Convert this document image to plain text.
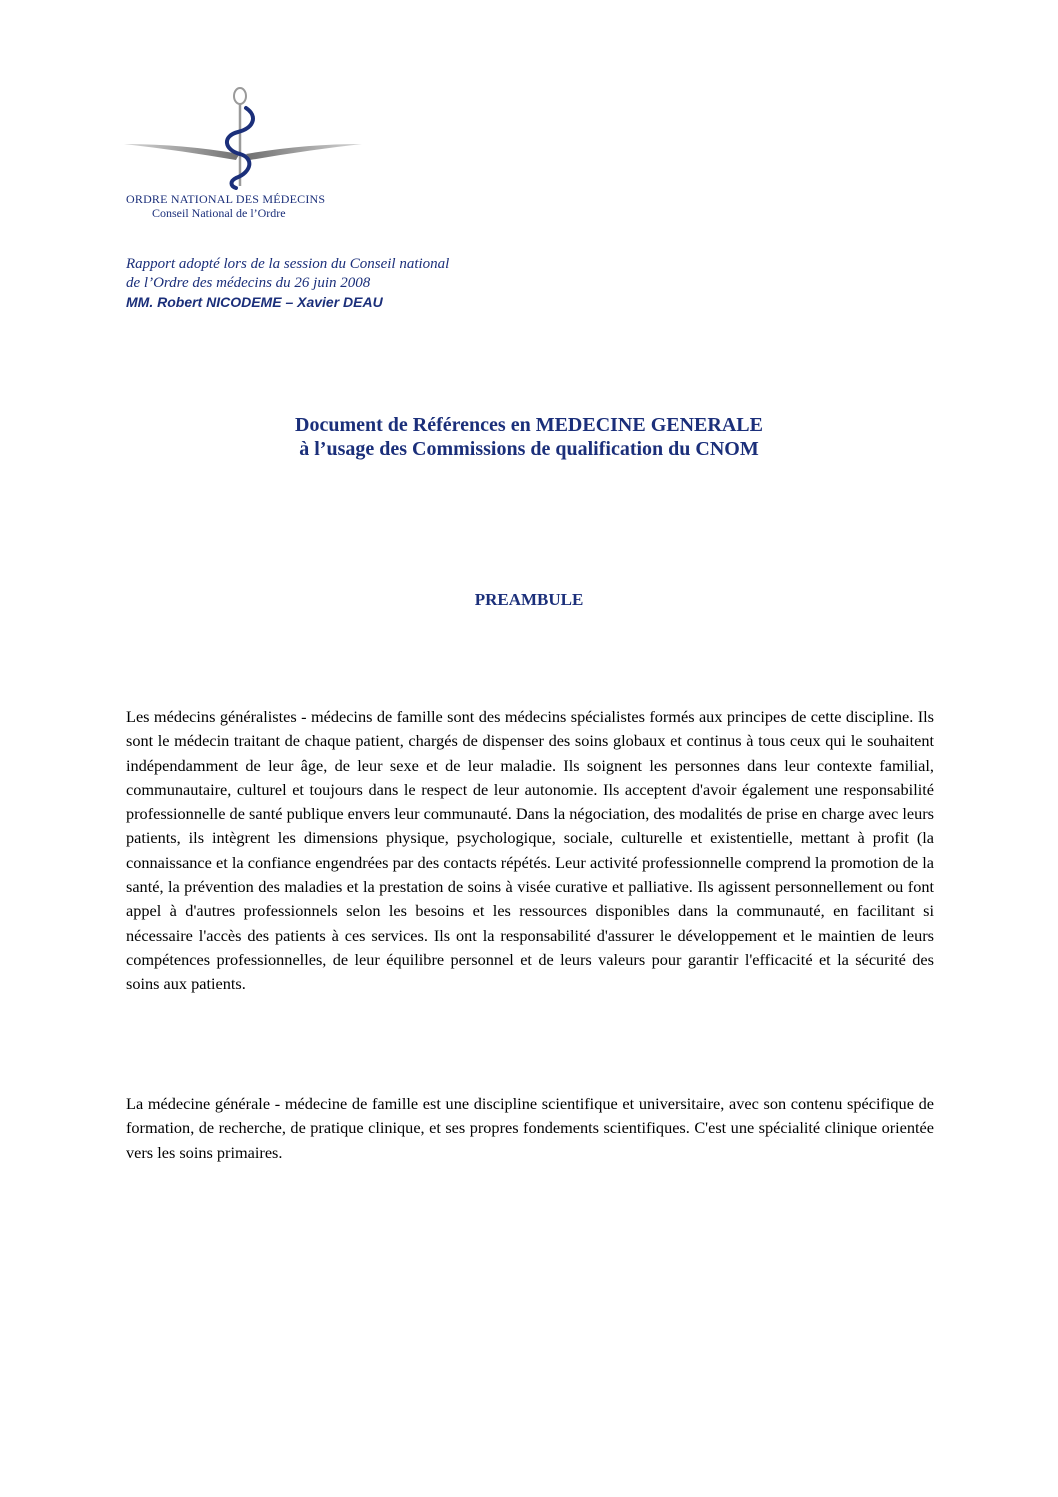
ORDRE NATIONAL DES MÉDECINS
Conseil National de l’Ordre
Rapport adopté lors de la session du Conseil national
de l’Ordre des médecins du 26 juin 2008
MM. Robert NICODEME – Xavier DEAU
Document de Références en MEDECINE GENERALE
à l’usage des Commissions de qualification du CNOM
PREAMBULE

Les médecins généralistes - médecins de famille sont des médecins spécialistes formés aux principes de cette discipline. Ils sont le médecin traitant de chaque patient, chargés de dispenser des soins globaux et continus à tous ceux qui le souhaitent indépendamment de leur âge, de leur sexe et de leur maladie. Ils soignent les personnes dans leur contexte familial, communautaire, culturel et toujours dans le respect de leur autonomie. Ils acceptent d'avoir également une responsabilité professionnelle de santé publique envers leur communauté. Dans la négociation, des modalités de prise en charge avec leurs patients, ils intègrent les dimensions physique, psychologique, sociale, culturelle et existentielle, mettant à profit (la connaissance et la confiance engendrées par des contacts répétés. Leur activité professionnelle comprend la promotion de la santé, la prévention des maladies et la prestation de soins à visée curative et palliative. Ils agissent personnellement ou font appel à d'autres professionnels selon les besoins et les ressources disponibles dans la communauté, en facilitant si nécessaire l'accès des patients à ces services. Ils ont la responsabilité d'assurer le développement et le maintien de leurs compétences professionnelles, de leur équilibre personnel et de leurs valeurs pour garantir l'efficacité et la sécurité des soins aux patients.

La médecine générale - médecine de famille est une discipline scientifique et universitaire, avec son contenu spécifique de formation, de recherche, de pratique clinique, et ses propres fondements scientifiques. C'est une spécialité clinique orientée vers les soins primaires.
